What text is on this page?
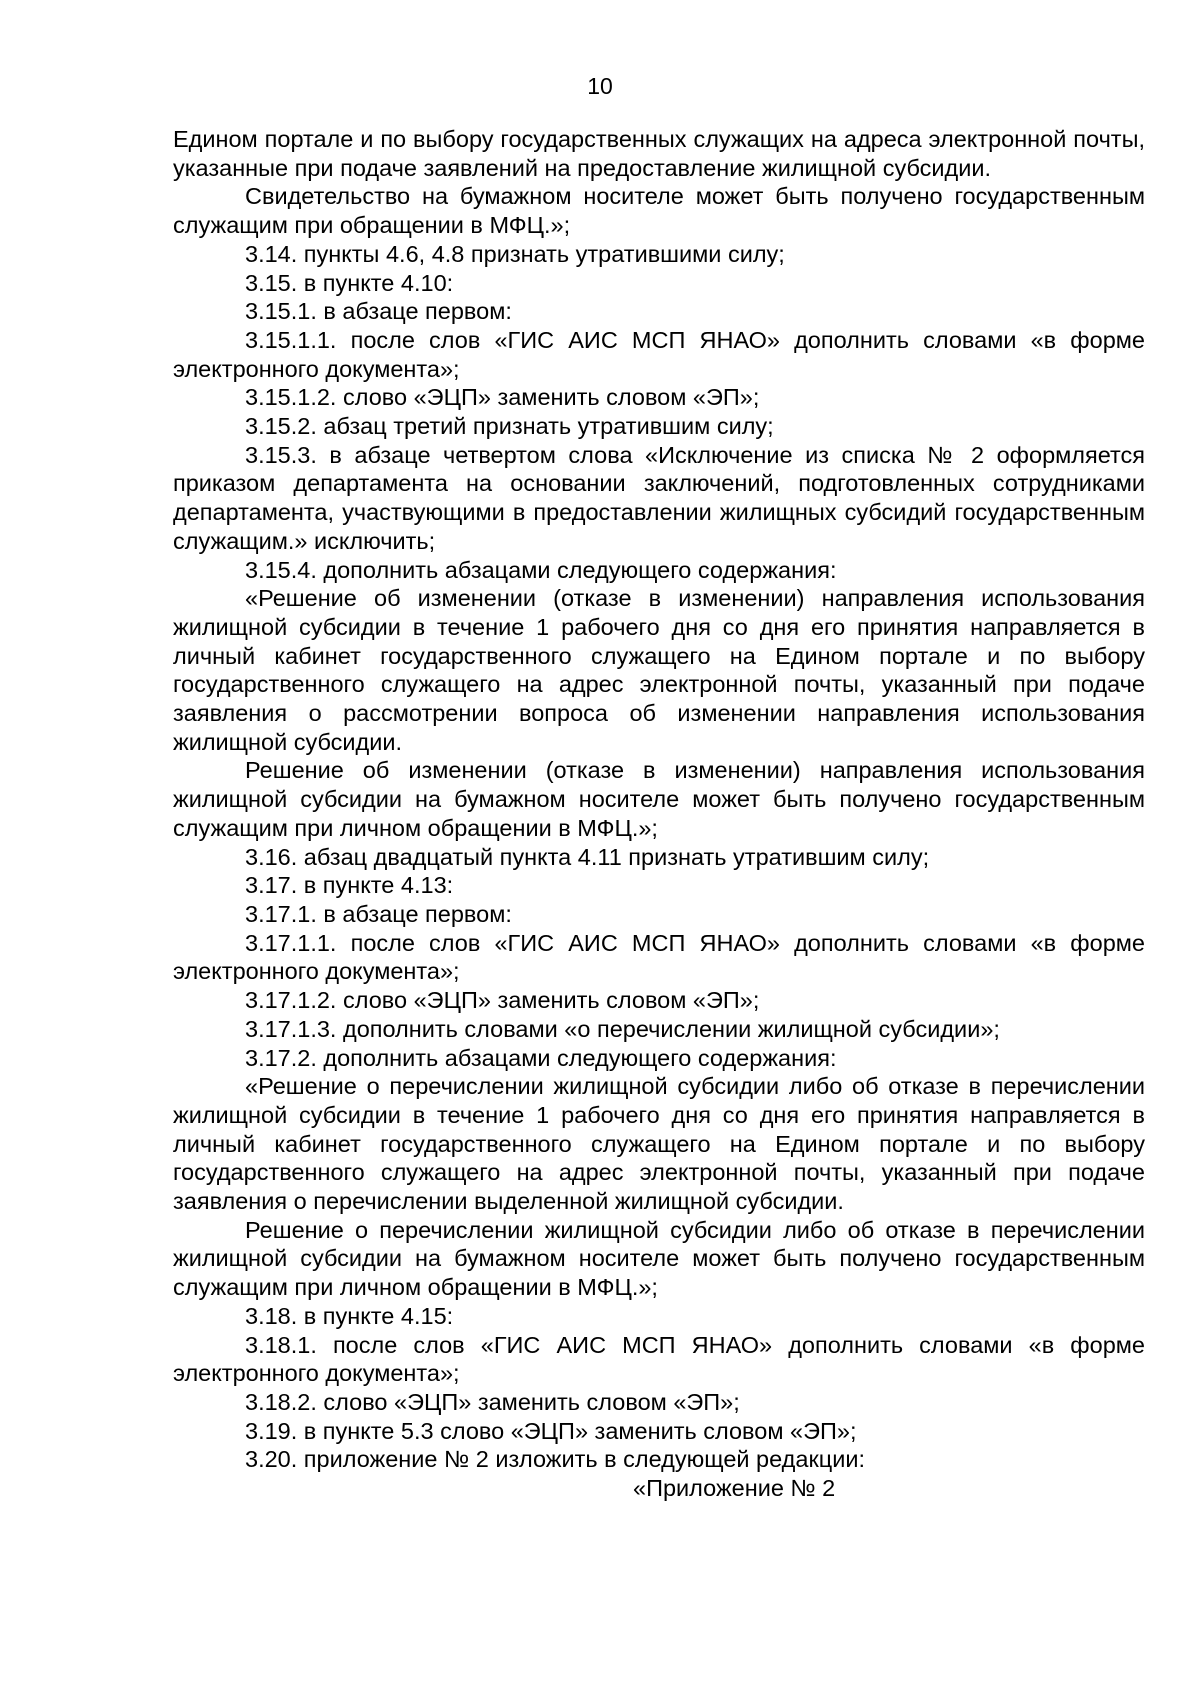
10

Едином портале и по выбору государственных служащих на адреса электронной почты, указанные при подаче заявлений на предоставление жилищной субсидии.

Свидетельство на бумажном носителе может быть получено государственным служащим при обращении в МФЦ.»;

3.14. пункты 4.6, 4.8 признать утратившими силу;

3.15. в пункте 4.10:

3.15.1. в абзаце первом:

3.15.1.1. после слов «ГИС АИС МСП ЯНАО» дополнить словами «в форме электронного документа»;

3.15.1.2. слово «ЭЦП» заменить словом «ЭП»;

3.15.2. абзац третий признать утратившим силу;

3.15.3. в абзаце четвертом слова «Исключение из списка № 2 оформляется приказом департамента на основании заключений, подготовленных сотрудниками департамента, участвующими в предоставлении жилищных субсидий государственным служащим.» исключить;

3.15.4. дополнить абзацами следующего содержания:

«Решение об изменении (отказе в изменении) направления использования жилищной субсидии в течение 1 рабочего дня со дня его принятия направляется в личный кабинет государственного служащего на Едином портале и по выбору государственного служащего на адрес электронной почты, указанный при подаче заявления о рассмотрении вопроса об изменении направления использования жилищной субсидии.

Решение об изменении (отказе в изменении) направления использования жилищной субсидии на бумажном носителе может быть получено государственным служащим при личном обращении в МФЦ.»;

3.16. абзац двадцатый пункта 4.11 признать утратившим силу;

3.17. в пункте 4.13:

3.17.1. в абзаце первом:

3.17.1.1. после слов «ГИС АИС МСП ЯНАО» дополнить словами «в форме электронного документа»;

3.17.1.2. слово «ЭЦП» заменить словом «ЭП»;

3.17.1.3. дополнить словами «о перечислении жилищной субсидии»;

3.17.2. дополнить абзацами следующего содержания:

«Решение о перечислении жилищной субсидии либо об отказе в перечислении жилищной субсидии в течение 1 рабочего дня со дня его принятия направляется в личный кабинет государственного служащего на Едином портале и по выбору государственного служащего на адрес электронной почты, указанный при подаче заявления о перечислении выделенной жилищной субсидии.

Решение о перечислении жилищной субсидии либо об отказе в перечислении жилищной субсидии на бумажном носителе может быть получено государственным служащим при личном обращении в МФЦ.»;

3.18. в пункте 4.15:

3.18.1. после слов «ГИС АИС МСП ЯНАО» дополнить словами «в форме электронного документа»;

3.18.2. слово «ЭЦП» заменить словом «ЭП»;

3.19. в пункте 5.3 слово «ЭЦП» заменить словом «ЭП»;

3.20. приложение № 2 изложить в следующей редакции:

«Приложение № 2
